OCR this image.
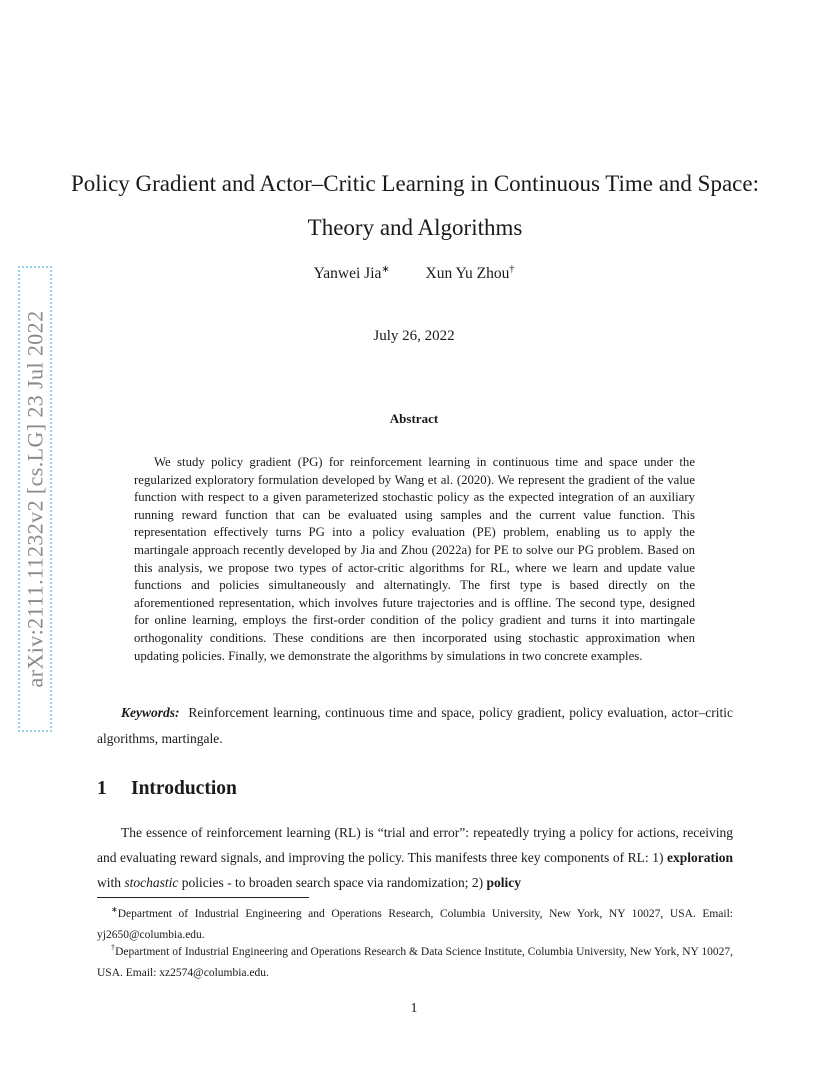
arXiv:2111.11232v2 [cs.LG] 23 Jul 2022
Policy Gradient and Actor–Critic Learning in Continuous Time and Space: Theory and Algorithms
Yanwei Jia∗ Xun Yu Zhou†
July 26, 2022
Abstract

We study policy gradient (PG) for reinforcement learning in continuous time and space under the regularized exploratory formulation developed by Wang et al. (2020). We represent the gradient of the value function with respect to a given parameterized stochastic policy as the expected integration of an auxiliary running reward function that can be evaluated using samples and the current value function. This representation effectively turns PG into a policy evaluation (PE) problem, enabling us to apply the martingale approach recently developed by Jia and Zhou (2022a) for PE to solve our PG problem. Based on this analysis, we propose two types of actor-critic algorithms for RL, where we learn and update value functions and policies simultaneously and alternatingly. The first type is based directly on the aforementioned representation, which involves future trajectories and is offline. The second type, designed for online learning, employs the first-order condition of the policy gradient and turns it into martingale orthogonality conditions. These conditions are then incorporated using stochastic approximation when updating policies. Finally, we demonstrate the algorithms by simulations in two concrete examples.

Keywords: Reinforcement learning, continuous time and space, policy gradient, policy evaluation, actor–critic algorithms, martingale.

1 Introduction

The essence of reinforcement learning (RL) is “trial and error”: repeatedly trying a policy for actions, receiving and evaluating reward signals, and improving the policy. This manifests three key components of RL: 1) exploration with stochastic policies - to broaden search space via randomization; 2) policy

∗Department of Industrial Engineering and Operations Research, Columbia University, New York, NY 10027, USA. Email: yj2650@columbia.edu.

†Department of Industrial Engineering and Operations Research & Data Science Institute, Columbia University, New York, NY 10027, USA. Email: xz2574@columbia.edu.

1
